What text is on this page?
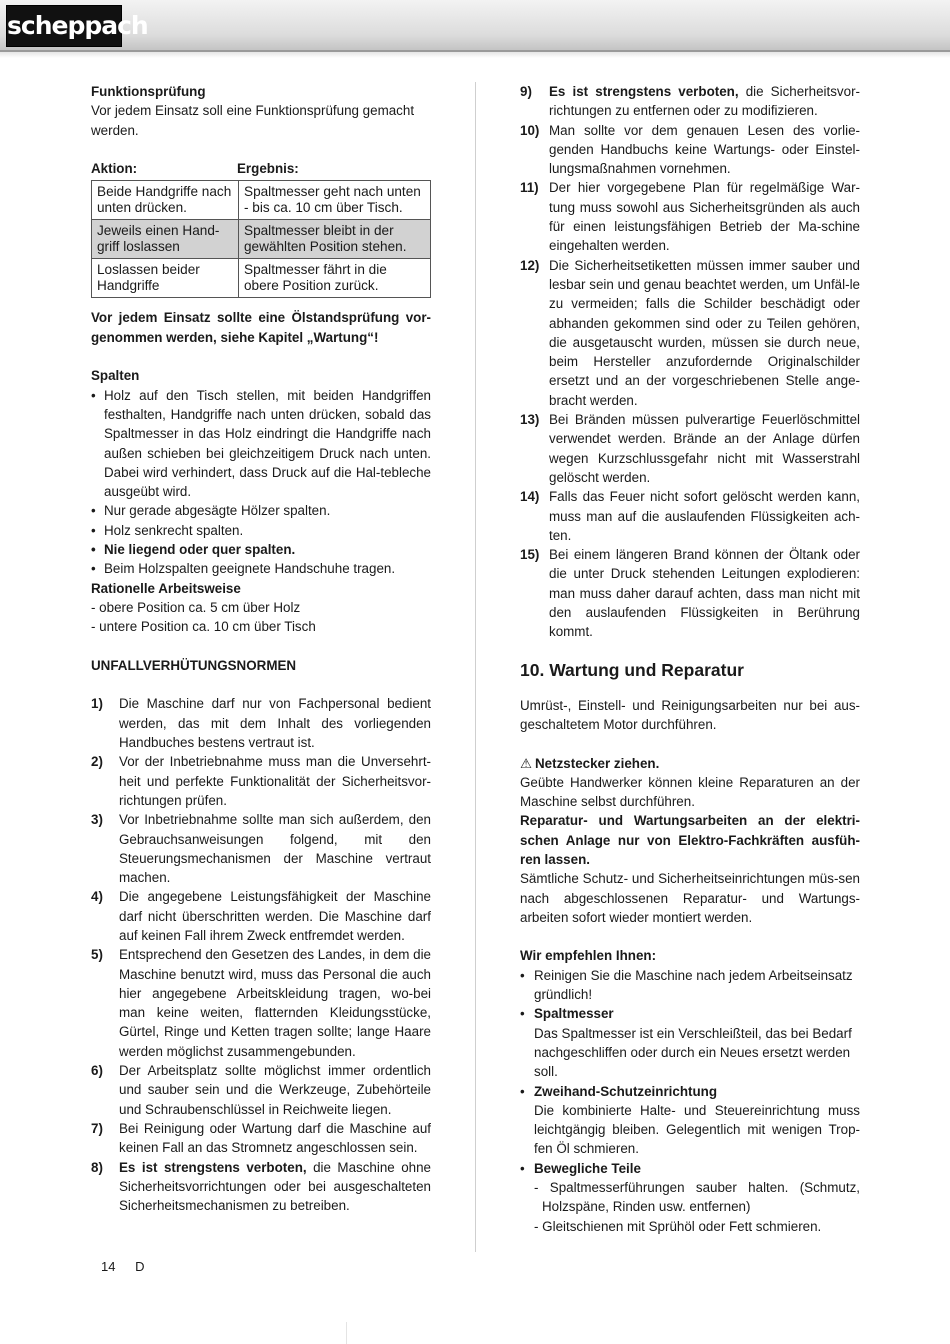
scheppach

Funktionsprüfung

Vor jedem Einsatz soll eine Funktionsprüfung gemacht werden.

Aktion:	Ergebnis:
Beide Handgriffe nach unten drücken.	Spaltmesser geht nach unten - bis ca. 10 cm über Tisch.
Jeweils einen Hand-griff loslassen	Spaltmesser bleibt in der gewählten Position stehen.
Loslassen beider Handgriffe	Spaltmesser fährt in die obere Position zurück.

Vor jedem Einsatz sollte eine Ölstandsprüfung vor-genommen werden, siehe Kapitel „Wartung“!

Spalten

• Holz auf den Tisch stellen, mit beiden Handgriffen festhalten, Handgriffe nach unten drücken, sobald das Spaltmesser in das Holz eindringt die Handgriffe nach außen schieben bei gleichzeitigem Druck nach unten. Dabei wird verhindert, dass Druck auf die Hal-tebleche ausgeübt wird.
• Nur gerade abgesägte Hölzer spalten.
• Holz senkrecht spalten.
• Nie liegend oder quer spalten.
• Beim Holzspalten geeignete Handschuhe tragen.

Rationelle Arbeitsweise

- obere Position ca. 5 cm über Holz

- untere Position ca. 10 cm über Tisch

UNFALLVERHÜTUNGSNORMEN

1) Die Maschine darf nur von Fachpersonal bedient werden, das mit dem Inhalt des vorliegenden Handbuches bestens vertraut ist.
2) Vor der Inbetriebnahme muss man die Unversehrt-heit und perfekte Funktionalität der Sicherheitsvor-richtungen prüfen.
3) Vor Inbetriebnahme sollte man sich außerdem, den Gebrauchsanweisungen folgend, mit den Steuerungsmechanismen der Maschine vertraut machen.
4) Die angegebene Leistungsfähigkeit der Maschine darf nicht überschritten werden. Die Maschine darf auf keinen Fall ihrem Zweck entfremdet werden.
5) Entsprechend den Gesetzen des Landes, in dem die Maschine benutzt wird, muss das Personal die auch hier angegebene Arbeitskleidung tragen, wo-bei man keine weiten, flatternden Kleidungsstücke, Gürtel, Ringe und Ketten tragen sollte; lange Haare werden möglichst zusammengebunden.
6) Der Arbeitsplatz sollte möglichst immer ordentlich und sauber sein und die Werkzeuge, Zubehörteile und Schraubenschlüssel in Reichweite liegen.
7) Bei Reinigung oder Wartung darf die Maschine auf keinen Fall an das Stromnetz angeschlossen sein.
8) Es ist strengstens verboten, die Maschine ohne Sicherheitsvorrichtungen oder bei ausgeschalteten Sicherheitsmechanismen zu betreiben.
9) Es ist strengstens verboten, die Sicherheitsvor-richtungen zu entfernen oder zu modifizieren.
10) Man sollte vor dem genauen Lesen des vorlie-genden Handbuchs keine Wartungs- oder Einstel-lungsmaßnahmen vornehmen.
11) Der hier vorgegebene Plan für regelmäßige War-tung muss sowohl aus Sicherheitsgründen als auch für einen leistungsfähigen Betrieb der Ma-schine eingehalten werden.
12) Die Sicherheitsetiketten müssen immer sauber und lesbar sein und genau beachtet werden, um Unfäl-le zu vermeiden; falls die Schilder beschädigt oder abhanden gekommen sind oder zu Teilen gehören, die ausgetauscht wurden, müssen sie durch neue, beim Hersteller anzufordernde Originalschilder ersetzt und an der vorgeschriebenen Stelle ange-bracht werden.
13) Bei Bränden müssen pulverartige Feuerlöschmittel verwendet werden. Brände an der Anlage dürfen wegen Kurzschlussgefahr nicht mit Wasserstrahl gelöscht werden.
14) Falls das Feuer nicht sofort gelöscht werden kann, muss man auf die auslaufenden Flüssigkeiten ach-ten.
15) Bei einem längeren Brand können der Öltank oder die unter Druck stehenden Leitungen explodieren: man muss daher darauf achten, dass man nicht mit den auslaufenden Flüssigkeiten in Berührung kommt.

10. Wartung und Reparatur

Umrüst-, Einstell- und Reinigungsarbeiten nur bei aus-geschaltetem Motor durchführen.

⚠ Netzstecker ziehen.

Geübte Handwerker können kleine Reparaturen an der Maschine selbst durchführen.

Reparatur- und Wartungsarbeiten an der elektri-schen Anlage nur von Elektro-Fachkräften ausfüh-ren lassen.

Sämtliche Schutz- und Sicherheitseinrichtungen müs-sen nach abgeschlossenen Reparatur- und Wartungs-arbeiten sofort wieder montiert werden.

Wir empfehlen Ihnen:

• Reinigen Sie die Maschine nach jedem Arbeitseinsatz gründlich!

• Spaltmesser

Das Spaltmesser ist ein Verschleißteil, das bei Bedarf nachgeschliffen oder durch ein Neues ersetzt werden soll.

• Zweihand-Schutzeinrichtung

Die kombinierte Halte- und Steuereinrichtung muss leichtgängig bleiben. Gelegentlich mit wenigen Trop-fen Öl schmieren.

• Bewegliche Teile

- Spaltmesserführungen sauber halten. (Schmutz, Holzspäne, Rinden usw. entfernen)

- Gleitschienen mit Sprühöl oder Fett schmieren.

14 D
